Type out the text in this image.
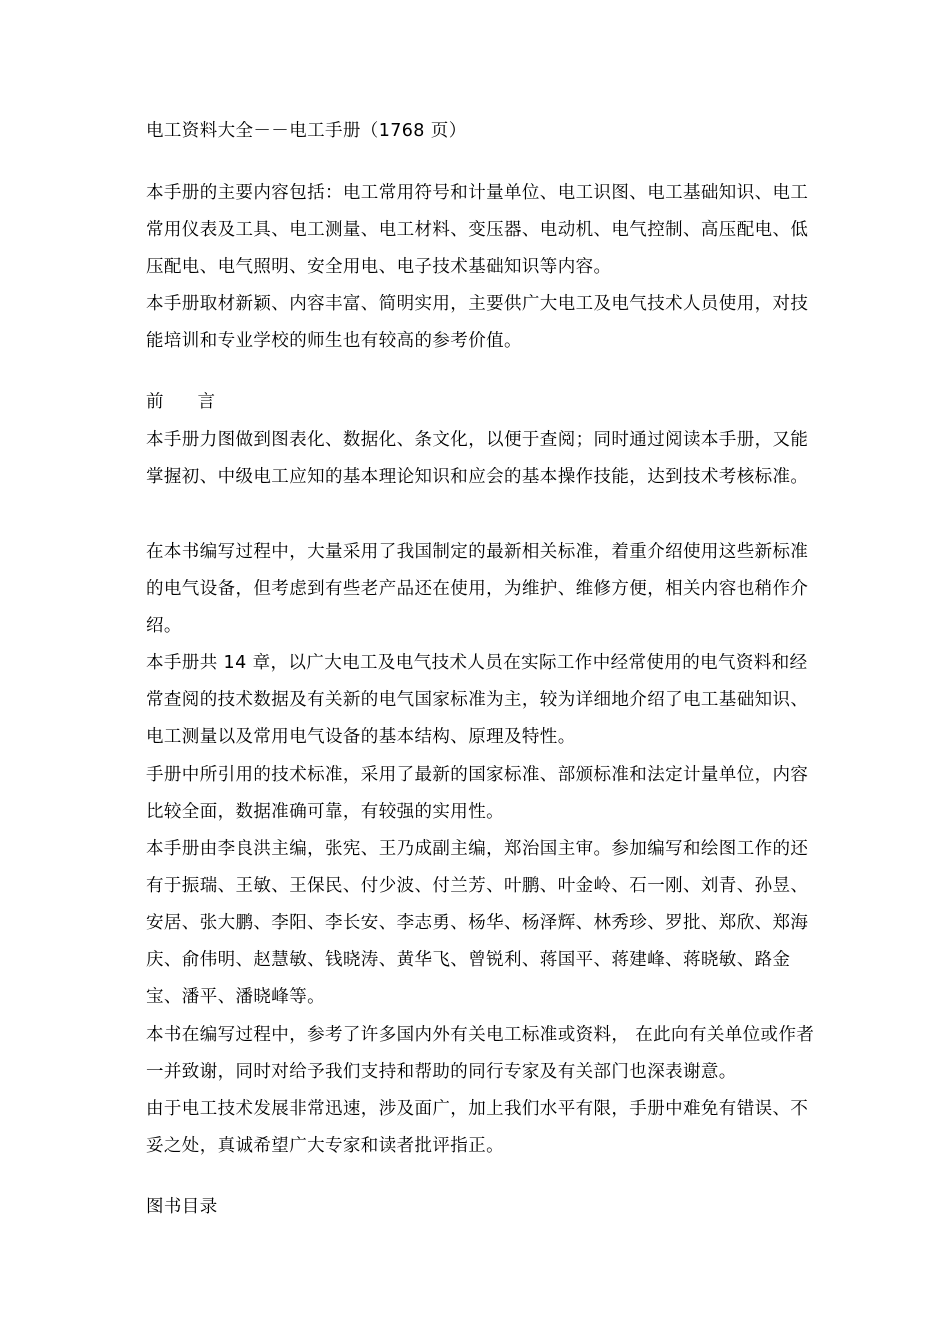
电工资料大全－－电工手册（1768 页）

本手册的主要内容包括：电工常用符号和计量单位、电工识图、电工基础知识、电工常用仪表及工具、电工测量、电工材料、变压器、电动机、电气控制、高压配电、低压配电、电气照明、安全用电、电子技术基础知识等内容。

本手册取材新颖、内容丰富、简明实用，主要供广大电工及电气技术人员使用，对技能培训和专业学校的师生也有较高的参考价值。

前 言

本手册力图做到图表化、数据化、条文化，以便于查阅；同时通过阅读本手册，又能掌握初、中级电工应知的基本理论知识和应会的基本操作技能，达到技术考核标准。

在本书编写过程中，大量采用了我国制定的最新相关标准，着重介绍使用这些新标准的电气设备，但考虑到有些老产品还在使用，为维护、维修方便，相关内容也稍作介绍。

本手册共 14 章，以广大电工及电气技术人员在实际工作中经常使用的电气资料和经常查阅的技术数据及有关新的电气国家标准为主，较为详细地介绍了电工基础知识、电工测量以及常用电气设备的基本结构、原理及特性。

手册中所引用的技术标准，采用了最新的国家标准、部颁标准和法定计量单位，内容比较全面，数据准确可靠，有较强的实用性。

本手册由李良洪主编，张宪、王乃成副主编，郑治国主审。参加编写和绘图工作的还有于振瑞、王敏、王保民、付少波、付兰芳、叶鹏、叶金岭、石一刚、刘青、孙昱、安居、张大鹏、李阳、李长安、李志勇、杨华、杨泽辉、林秀珍、罗批、郑欣、郑海庆、俞伟明、赵慧敏、钱晓涛、黄华飞、曾锐利、蒋国平、蒋建峰、蒋晓敏、路金宝、潘平、潘晓峰等。

本书在编写过程中，参考了许多国内外有关电工标准或资料， 在此向有关单位或作者一并致谢，同时对给予我们支持和帮助的同行专家及有关部门也深表谢意。

由于电工技术发展非常迅速，涉及面广，加上我们水平有限，手册中难免有错误、不妥之处，真诚希望广大专家和读者批评指正。

图书目录
